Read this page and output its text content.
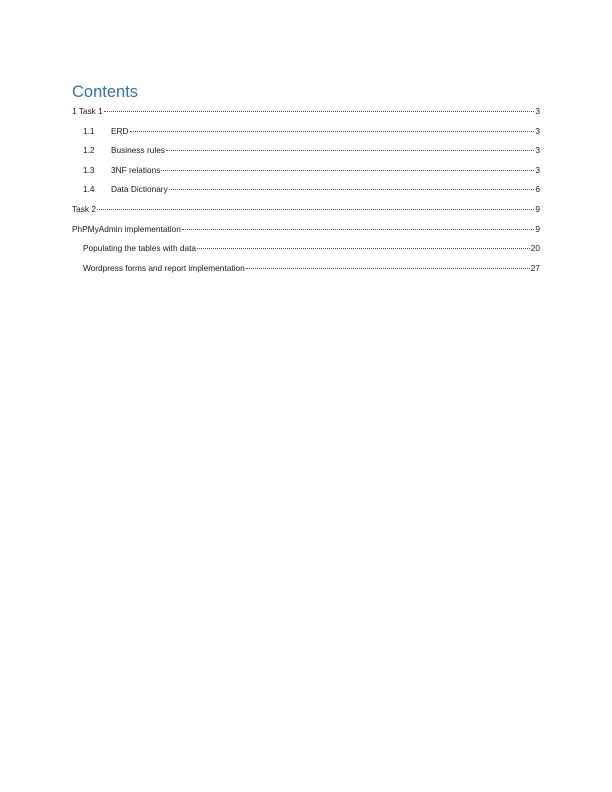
Contents
1 Task 1	3
1.1	ERD	3
1.2	Business rules	3
1.3	3NF relations	3
1.4	Data Dictionary	6
Task 2	9
PhPMyAdmin implementation	9
Populating the tables with data	20
Wordpress forms and report implementation	27
